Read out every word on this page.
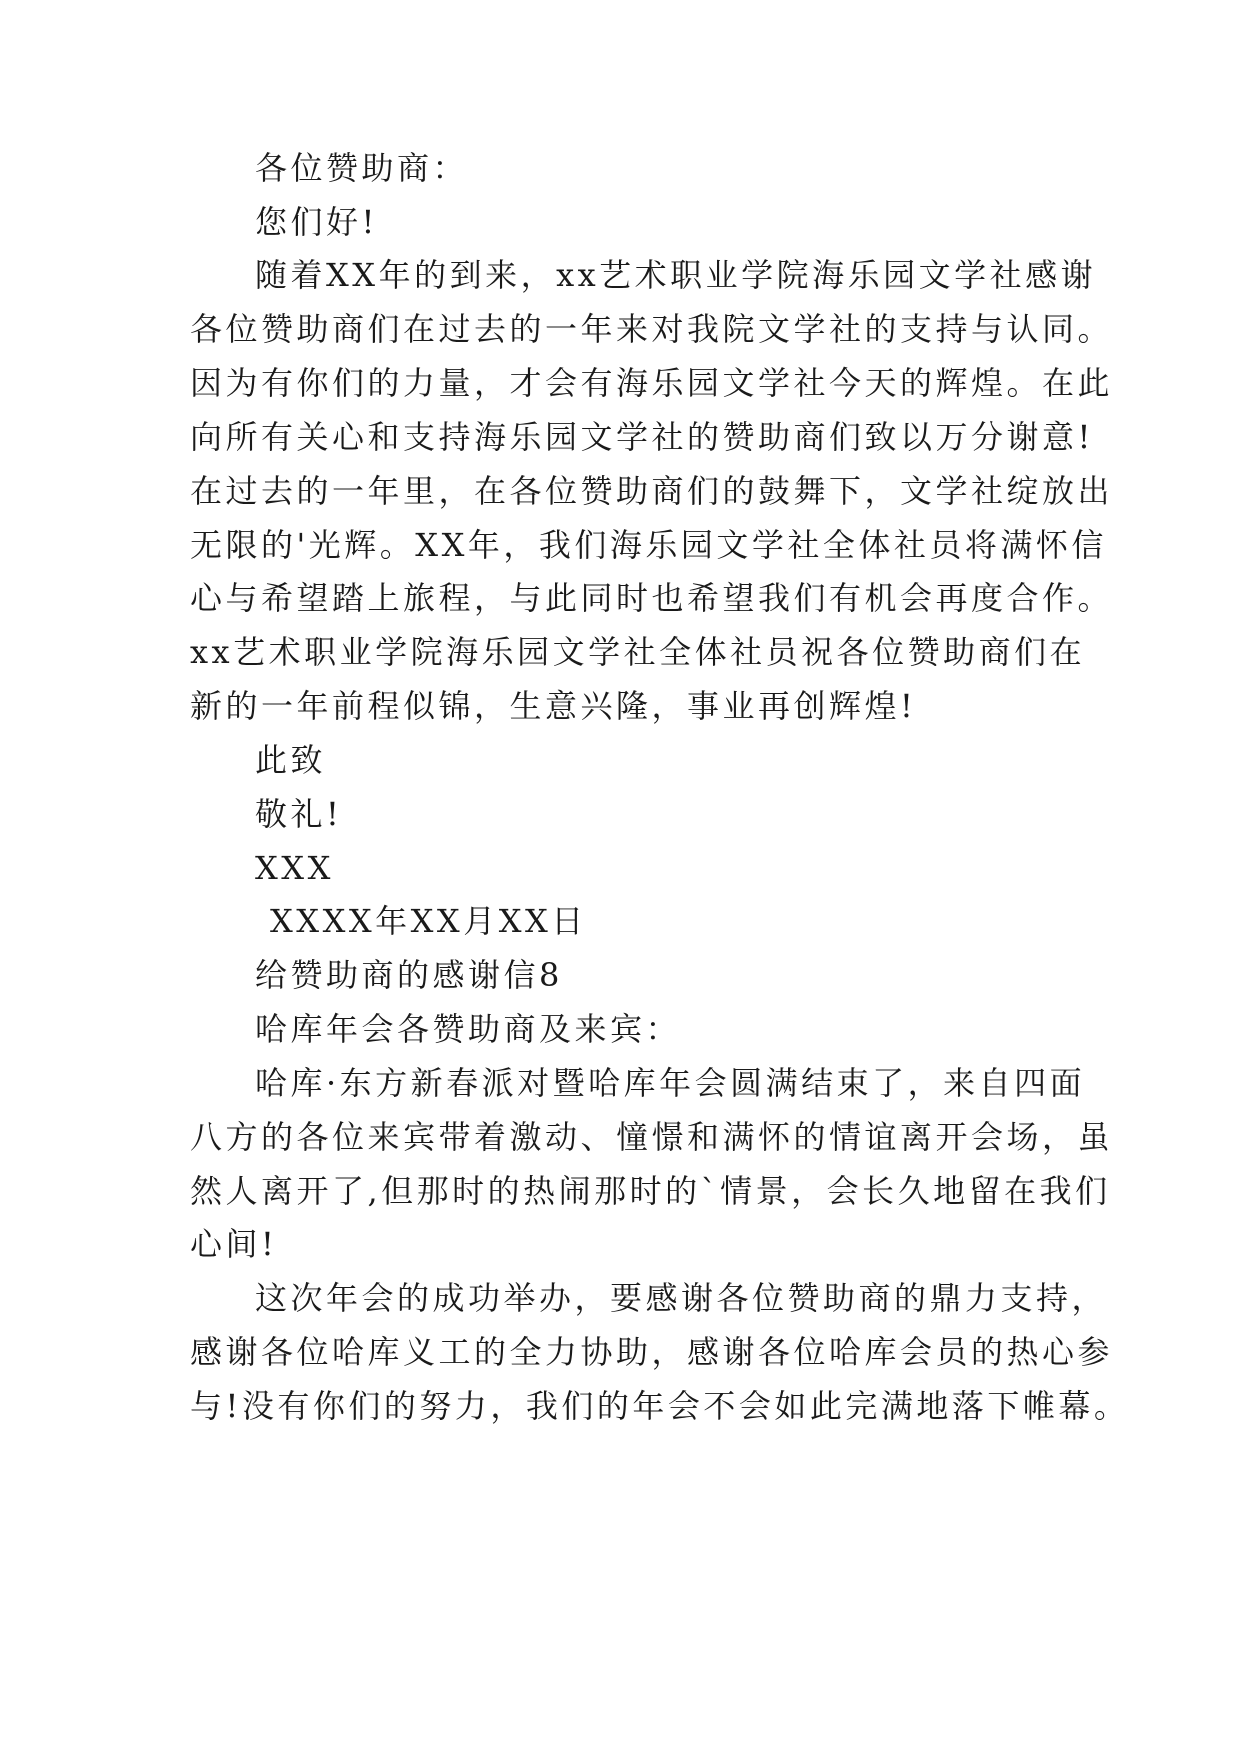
各位赞助商：
您们好!
随着XX年的到来，xx艺术职业学院海乐园文学社感谢
各位赞助商们在过去的一年来对我院文学社的支持与认同。
因为有你们的力量，才会有海乐园文学社今天的辉煌。在此
向所有关心和支持海乐园文学社的赞助商们致以万分谢意!
在过去的一年里，在各位赞助商们的鼓舞下，文学社绽放出
无限的'光辉。XX年，我们海乐园文学社全体社员将满怀信
心与希望踏上旅程，与此同时也希望我们有机会再度合作。
xx艺术职业学院海乐园文学社全体社员祝各位赞助商们在
新的一年前程似锦，生意兴隆，事业再创辉煌!
此致
敬礼!
XXX
XXXX年XX月XX日
给赞助商的感谢信8
哈库年会各赞助商及来宾：
哈库·东方新春派对暨哈库年会圆满结束了，来自四面
八方的各位来宾带着激动、憧憬和满怀的情谊离开会场，虽
然人离开了,但那时的热闹那时的`情景，会长久地留在我们
心间!
这次年会的成功举办，要感谢各位赞助商的鼎力支持，
感谢各位哈库义工的全力协助，感谢各位哈库会员的热心参
与!没有你们的努力，我们的年会不会如此完满地落下帷幕。
